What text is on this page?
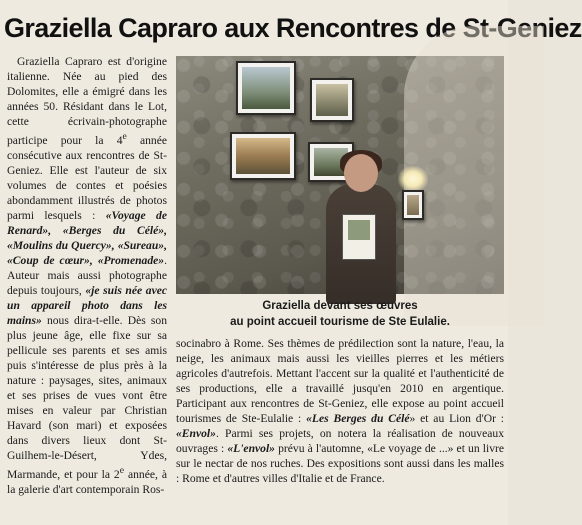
Graziella Capraro aux Rencontres de St-Geniez

Graziella Capraro est d'origine italienne. Née au pied des Dolomites, elle a émigré dans les années 50. Résidant dans le Lot, cette écrivain-photographe participe pour la 4e année consécutive aux rencontres de St-Geniez. Elle est l'auteur de six volumes de contes et poésies abondamment illustrés de photos parmi lesquels : «Voyage de Renard», «Berges du Célé», «Moulins du Quercy», «Sureau», «Coup de cœur», «Promenade». Auteur mais aussi photographe depuis toujours, «je suis née avec un appareil photo dans les mains» nous dira-t-elle. Dès son plus jeune âge, elle fixe sur sa pellicule ses parents et ses amis puis s'intéresse de plus près à la nature : paysages, sites, animaux et ses prises de vues vont être mises en valeur par Christian Havard (son mari) et exposées dans divers lieux dont St-Guilhem-le-Désert, Ydes, Marmande, et pour la 2e année, à la galerie d'art contemporain Ros-

Graziella devant ses œuvres
au point accueil tourisme de Ste Eulalie.

socinabro à Rome. Ses thèmes de prédilection sont la nature, l'eau, la neige, les animaux mais aussi les vieilles pierres et les métiers agricoles d'autrefois. Mettant l'accent sur la qualité et l'authenticité de ses productions, elle a travaillé jusqu'en 2010 en argentique. Participant aux rencontres de St-Geniez, elle expose au point accueil tourismes de Ste-Eulalie : «Les Berges du Célé» et au Lion d'Or : «Envol». Parmi ses projets, on notera la réalisation de nouveaux ouvrages : «L'envol» prévu à l'automne, «Le voyage de ...» et un livre sur le nectar de nos ruches. Des expositions sont aussi dans les malles : Rome et d'autres villes d'Italie et de France.
